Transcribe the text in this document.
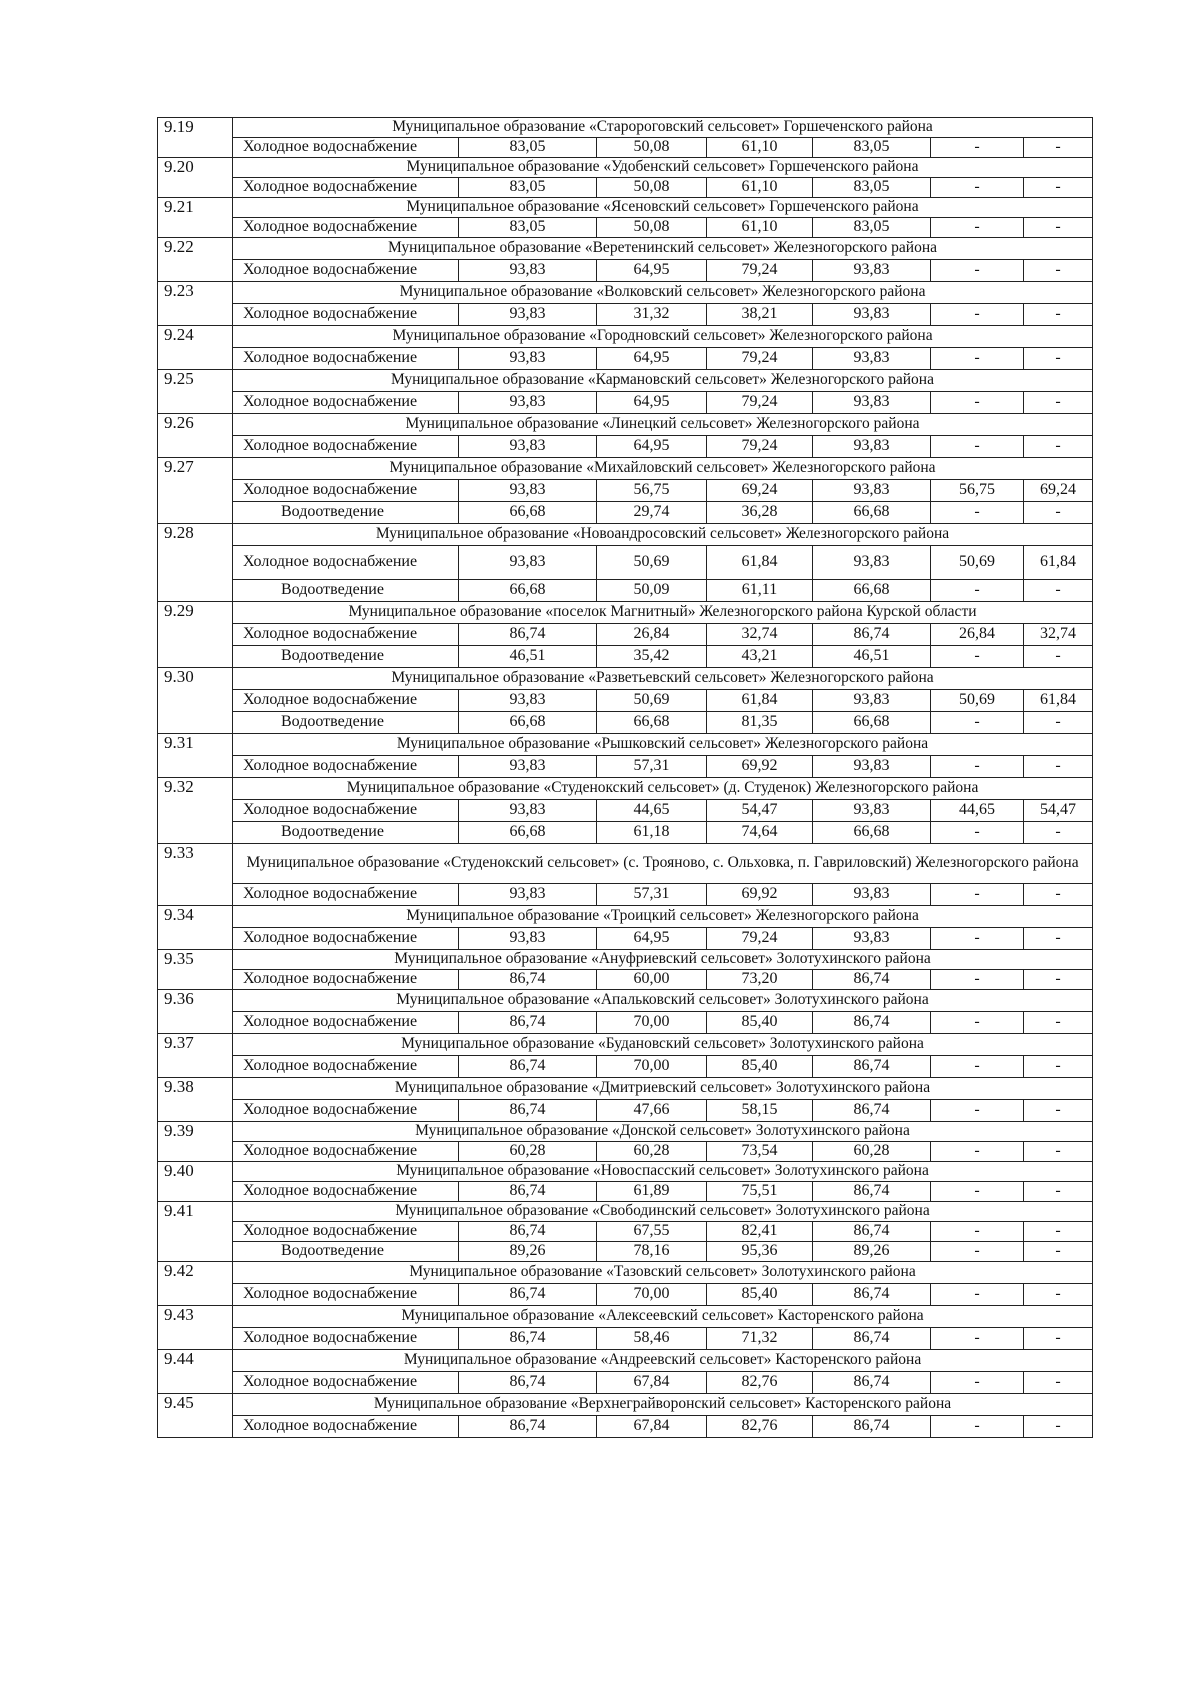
9.19	Муниципальное образование «Старороговский сельсовет» Горшеченского района						
	Холодное водоснабжение	83,05	50,08	61,10	83,05	-	-
9.20	Муниципальное образование «Удобенский сельсовет» Горшеченского района						
	Холодное водоснабжение	83,05	50,08	61,10	83,05	-	-
9.21	Муниципальное образование «Ясеновский сельсовет» Горшеченского района						
	Холодное водоснабжение	83,05	50,08	61,10	83,05	-	-
9.22	Муниципальное образование «Веретенинский сельсовет» Железногорского района						
	Холодное водоснабжение	93,83	64,95	79,24	93,83	-	-
9.23	Муниципальное образование «Волковский сельсовет» Железногорского района						
	Холодное водоснабжение	93,83	31,32	38,21	93,83	-	-
9.24	Муниципальное образование «Городновский сельсовет» Железногорского района						
	Холодное водоснабжение	93,83	64,95	79,24	93,83	-	-
9.25	Муниципальное образование «Кармановский сельсовет» Железногорского района						
	Холодное водоснабжение	93,83	64,95	79,24	93,83	-	-
9.26	Муниципальное образование «Линецкий сельсовет» Железногорского района						
	Холодное водоснабжение	93,83	64,95	79,24	93,83	-	-
9.27	Муниципальное образование «Михайловский сельсовет» Железногорского района						
	Холодное водоснабжение	93,83	56,75	69,24	93,83	56,75	69,24
	Водоотведение	66,68	29,74	36,28	66,68	-	-
9.28	Муниципальное образование «Новоандросовский сельсовет» Железногорского района						
	Холодное водоснабжение	93,83	50,69	61,84	93,83	50,69	61,84
	Водоотведение	66,68	50,09	61,11	66,68	-	-
9.29	Муниципальное образование «поселок Магнитный» Железногорского района Курской области						
	Холодное водоснабжение	86,74	26,84	32,74	86,74	26,84	32,74
	Водоотведение	46,51	35,42	43,21	46,51	-	-
9.30	Муниципальное образование «Разветьевский сельсовет» Железногорского района						
	Холодное водоснабжение	93,83	50,69	61,84	93,83	50,69	61,84
	Водоотведение	66,68	66,68	81,35	66,68	-	-
9.31	Муниципальное образование «Рышковский сельсовет» Железногорского района						
	Холодное водоснабжение	93,83	57,31	69,92	93,83	-	-
9.32	Муниципальное образование «Студенокский сельсовет» (д. Студенок) Железногорского района						
	Холодное водоснабжение	93,83	44,65	54,47	93,83	44,65	54,47
	Водоотведение	66,68	61,18	74,64	66,68	-	-
9.33	Муниципальное образование «Студенокский сельсовет» (с. Трояново, с. Ольховка, п. Гавриловский) Железногорского района						
	Холодное водоснабжение	93,83	57,31	69,92	93,83	-	-
9.34	Муниципальное образование «Троицкий сельсовет» Железногорского района						
	Холодное водоснабжение	93,83	64,95	79,24	93,83	-	-
9.35	Муниципальное образование «Ануфриевский сельсовет» Золотухинского района						
	Холодное водоснабжение	86,74	60,00	73,20	86,74	-	-
9.36	Муниципальное образование «Апальковский сельсовет» Золотухинского района						
	Холодное водоснабжение	86,74	70,00	85,40	86,74	-	-
9.37	Муниципальное образование «Будановский сельсовет» Золотухинского района						
	Холодное водоснабжение	86,74	70,00	85,40	86,74	-	-
9.38	Муниципальное образование «Дмитриевский сельсовет» Золотухинского района						
	Холодное водоснабжение	86,74	47,66	58,15	86,74	-	-
9.39	Муниципальное образование «Донской сельсовет» Золотухинского района						
	Холодное водоснабжение	60,28	60,28	73,54	60,28	-	-
9.40	Муниципальное образование «Новоспасский сельсовет» Золотухинского района						
	Холодное водоснабжение	86,74	61,89	75,51	86,74	-	-
9.41	Муниципальное образование «Свободинский сельсовет» Золотухинского района						
	Холодное водоснабжение	86,74	67,55	82,41	86,74	-	-
	Водоотведение	89,26	78,16	95,36	89,26	-	-
9.42	Муниципальное образование «Тазовский сельсовет» Золотухинского района						
	Холодное водоснабжение	86,74	70,00	85,40	86,74	-	-
9.43	Муниципальное образование «Алексеевский сельсовет» Касторенского района						
	Холодное водоснабжение	86,74	58,46	71,32	86,74	-	-
9.44	Муниципальное образование «Андреевский сельсовет» Касторенского района						
	Холодное водоснабжение	86,74	67,84	82,76	86,74	-	-
9.45	Муниципальное образование «Верхнеграйворонский сельсовет» Касторенского района						
	Холодное водоснабжение	86,74	67,84	82,76	86,74	-	-
